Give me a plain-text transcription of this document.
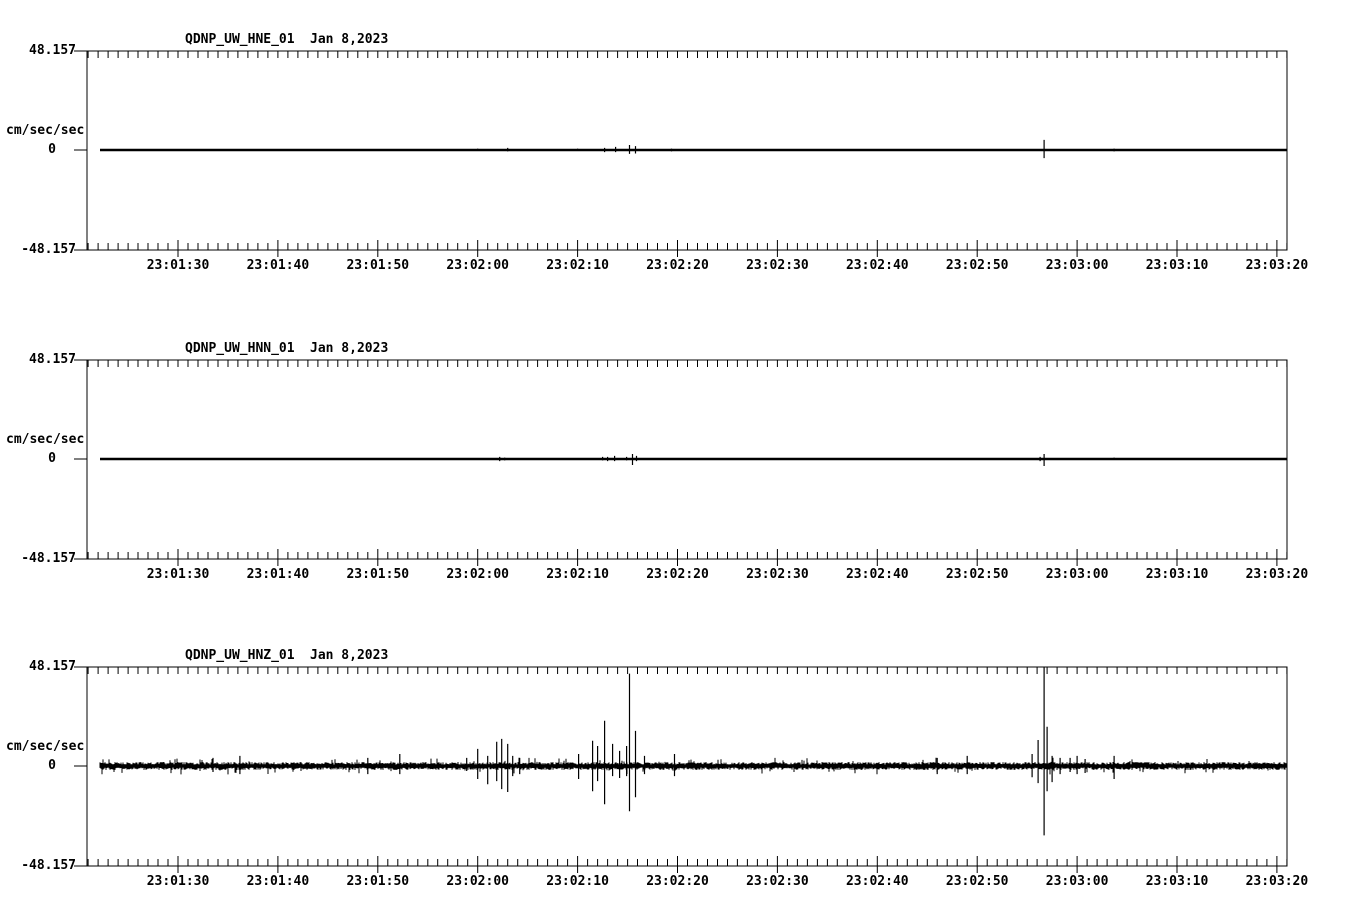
QDNP_UW_HNE_01 Jan 8,2023
48.157
cm/sec/sec
0
-48.157
23:01:30	23:01:40	23:01:50	23:02:00	23:02:10	23:02:20	23:02:30	23:02:40	23:02:50	23:03:00	23:03:10	23:03:20
QDNP_UW_HNN_01 Jan 8,2023
48.157
cm/sec/sec
0
-48.157
23:01:30	23:01:40	23:01:50	23:02:00	23:02:10	23:02:20	23:02:30	23:02:40	23:02:50	23:03:00	23:03:10	23:03:20
QDNP_UW_HNZ_01 Jan 8,2023
48.157
cm/sec/sec
0
-48.157
23:01:30	23:01:40	23:01:50	23:02:00	23:02:10	23:02:20	23:02:30	23:02:40	23:02:50	23:03:00	23:03:10	23:03:20
